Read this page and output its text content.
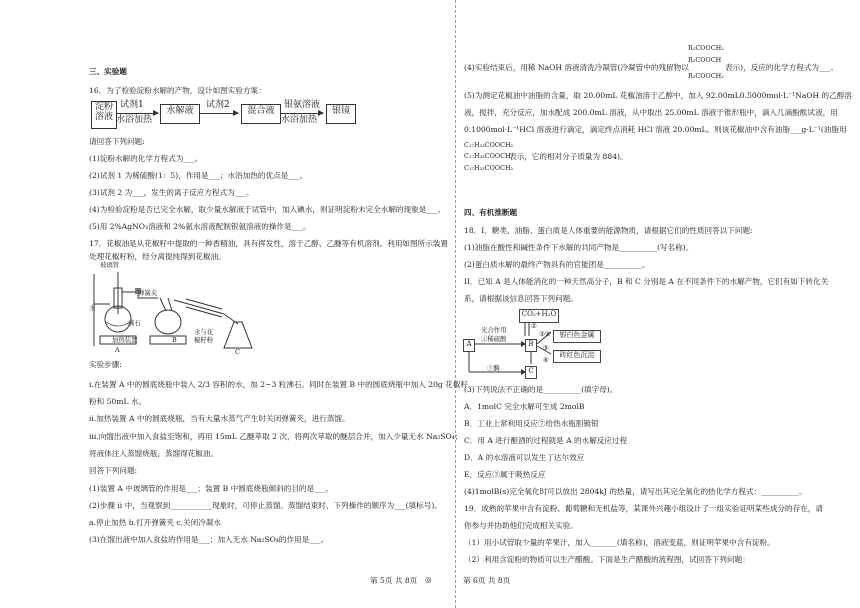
三、实验题
16．为了检验淀粉水解的产物，设计如图实验方案：
淀粉
溶液
试剂1
水浴加热
水解液
试剂2
混合液
银氨溶液
水浴加热
银镜
请回答下列问题:
(1)淀粉水解的化学方程式为___。
(2)试剂 1 为稀硫酸(1：5)，作用是___；水浴加热的优点是___。
(3)试剂 2 为___，发生的离子反应方程式为___。
(4)为检验淀粉是否已完全水解，取少量水解液于试管中，加入碘水，则证明淀粉未完全水解的现象是___。
(5)用 2%AgNO₃溶液和 2%氨水溶液配制银氨溶液的操作是___。
17．花椒油是从花椒籽中提取的一种香精油，具有挥发性，溶于乙醇、乙醚等有机溶剂。利用如图所示装置
处理花椒籽粉，经分离提纯得到花椒油。
玻璃管
弹簧夹
水
沸石
加热装置
水与花
椒籽粉
A
B
C
实验步骤:
i.在装置 A 中的圆底烧瓶中装入 2/3 容积的水，加 2~3 粒沸石。同时在装置 B 中的圆底烧瓶中加入 20g 花椒籽
粉和 50mL 水。
ii.加热装置 A 中的圆底烧瓶，当有大量水蒸气产生时关闭弹簧夹，进行蒸馏。
iii.向馏出液中加入食盐至饱和，再用 15mL 乙醚萃取 2 次，将两次萃取的醚层合并，加入少量无水 Na₂SO₄；
将液体注入蒸馏烧瓶，蒸馏得花椒油。
回答下列问题:
(1)装置 A 中玻璃管的作用是___；装置 B 中圆底烧瓶倾斜的目的是___。
(2)步骤 ii 中，当观察到___________现象时，可停止蒸馏。蒸馏结束时，下列操作的顺序为___(填标号)。
a.停止加热 b.打开弹簧夹 c.关闭冷凝水
(3)在馏出液中加入食盐的作用是___；加入无水 Na₂SO₄的作用是___。
R₁COOCH₂
(4)实验结束后，用稀 NaOH 溶液清洗冷凝管(冷凝管中的残留物以
R₂COOCH
表示)，反应的化学方程式为___。
R₃COOCH₂
(5)为测定花椒油中油脂的含量，取 20.00mL 花椒油溶于乙醇中，加入 92.00mL0.5000mol·L⁻¹NaOH 的乙醇溶
液，搅拌，充分反应，加水配成 200.0mL 溶液，从中取出 25.00mL 溶液于锥形瓶中，滴入几滴酚酞试液，用
0.1000mol·L⁻¹HCl 溶液进行滴定，滴定终点消耗 HCl 溶液 20.00mL。则该花椒油中含有油脂___g·L⁻¹(油脂用
C₁₇H₃₃COOCH₂
C₁₇H₃₃COOCH
表示，它的相对分子质量为 884)。
C₁₇H₃₃COOCH₂
四、有机推断题
18．I．糖类、油脂、蛋白质是人体重要的能源物质，请根据它们的性质回答以下问题:
(1)油脂在酸性和碱性条件下水解的共同产物是__________(写名称)。
(2)蛋白质水解的最终产物具有的官能团是__________。
II．已知 A 是人体能消化的一种天然高分子，B 和 C 分别是 A 在不同条件下的水解产物，它们有如下转化关
系，请根据该信息回答下列问题。
CO₂+H₂O
光合作用
①稀硫酸
A	B
C
银白色金属
砖红色沉淀
⑦酶
②
③ ④
⑤
⑥
(3)下列说法不正确的是__________(填字母)。
A．1molC 完全水解可生成 2molB
B．工业上常利用反应⑦给热水瓶胆镀银
C．用 A 进行酿酒的过程就是 A 的水解反应过程
D．A 的水溶液可以发生丁达尔效应
E．反应③属于吸热反应
(4)1molB(s)完全氧化时可以放出 2804kJ 的热量，请写出其完全氧化的热化学方程式：__________。
19．成熟的苹果中含有淀粉、葡萄糖和无机盐等，某课外兴趣小组设计了一组实验证明某些成分的存在，请
你参与并协助他们完成相关实验。
（1）用小试管取少量的苹果汁，加入_______(填名称)，溶液变蓝，则证明苹果中含有淀粉。
（2）利用含淀粉的物质可以生产醋酸。下面是生产醋酸的流程图，试回答下列问题：
第 5页 共 8页 ◎	第 6页 共 8页
